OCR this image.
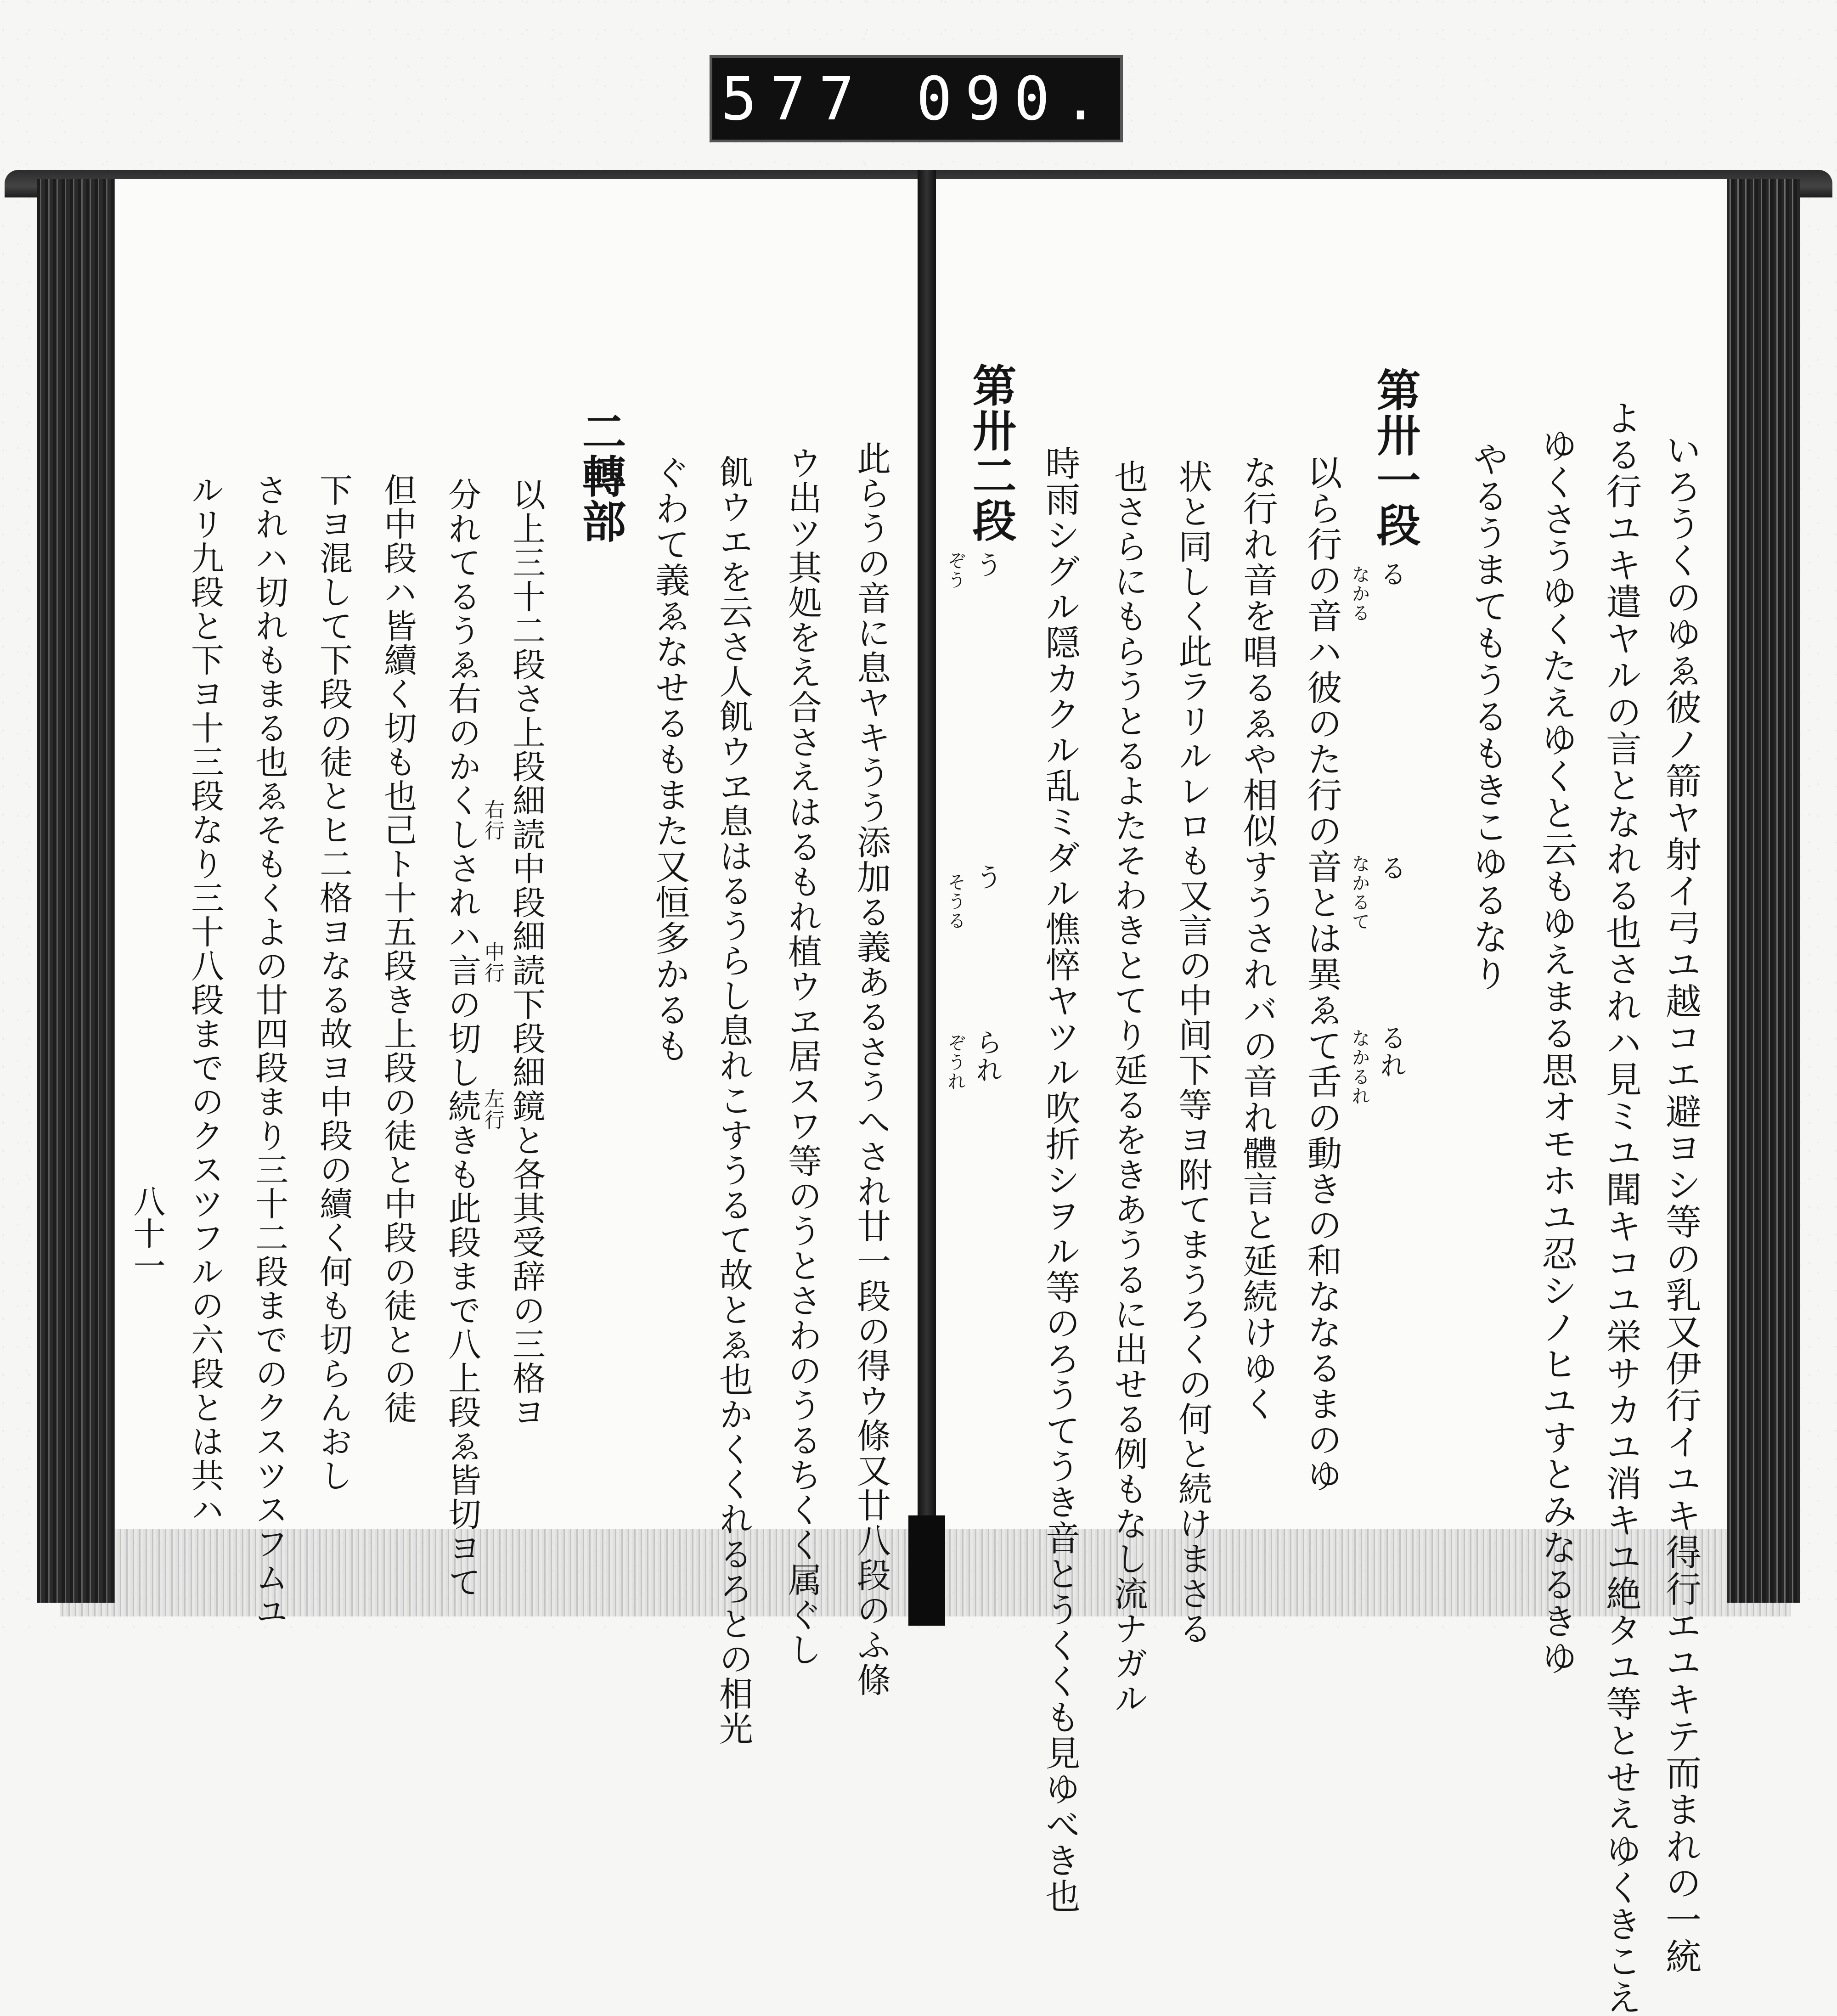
577 090.
いろうくのゆゑ彼ノ箭ヤ射イ弓ユ越コエ避ヨシ等の乳又伊行イユキ得行エユキテ而まれの一統
よる行ユキ遣ヤルの言となれる也されハ見ミユ聞キコユ栄サカユ消キユ絶タユ等とせえゆくきこえ
ゆくさうゆくたえゆくと云もゆえまる思オモホユ忍シノヒユすとみなるきゆ
やるうまてもうるもきこゆるなり
第卅一段
以ら行の音ハ彼のた行の音とは異ゑて舌の動きの和ななるまのゆ
な行れ音を唱るゑや相似すうされバの音れ體言と延続けゆく
状と同しく此ラリルレロも又言の中间下等ヨ附てまうろくの何と続けまさる
也さらにもらうとるよたそわきとてり延るをきあうるに出せる例もなし流ナガル
時雨シグル隠カクル乱ミダル憔悴ヤツル吹折シヲル等のろうてうき音とうくくも見ゆべき也
第卅二段
る
なかる
る
なかるて
るれ
なかるれ
う
ぞう
う
そうる
られ
ぞうれ
此らうの音に息ヤキうう添加る義あるさうへされ廿一段の得ウ條又廿八段のふ條
ウ出ツ其処をえ合さえはるもれ植ウヱ居スワ等のうとさわのうるちくく属ぐし
飢ウエを云さ人飢ウヱ息はるうらし息れこすうるて故とゑ也かくくれるろとの相光
ぐわて義ゑなせるもまた又恒多かるも
二轉部
以上三十二段さ上段細読中段細読下段細鏡と各其受辞の三格ヨ
分れてるうゑ右のかくしされハ言の切し続きも此段まで八上段ゑ皆切ヨて
但中段ハ皆續く切も也己ト十五段き上段の徒と中段の徒との徒
下ヨ混して下段の徒とヒ二格ヨなる故ヨ中段の續く何も切らんおし
されハ切れもまる也ゑそもくよの廿四段まり三十二段までのクスツスフムユ
ルリ九段と下ヨ十三段なり三十八段までのクスツフルの六段とは共ハ	右行
中行
左行
八十一
